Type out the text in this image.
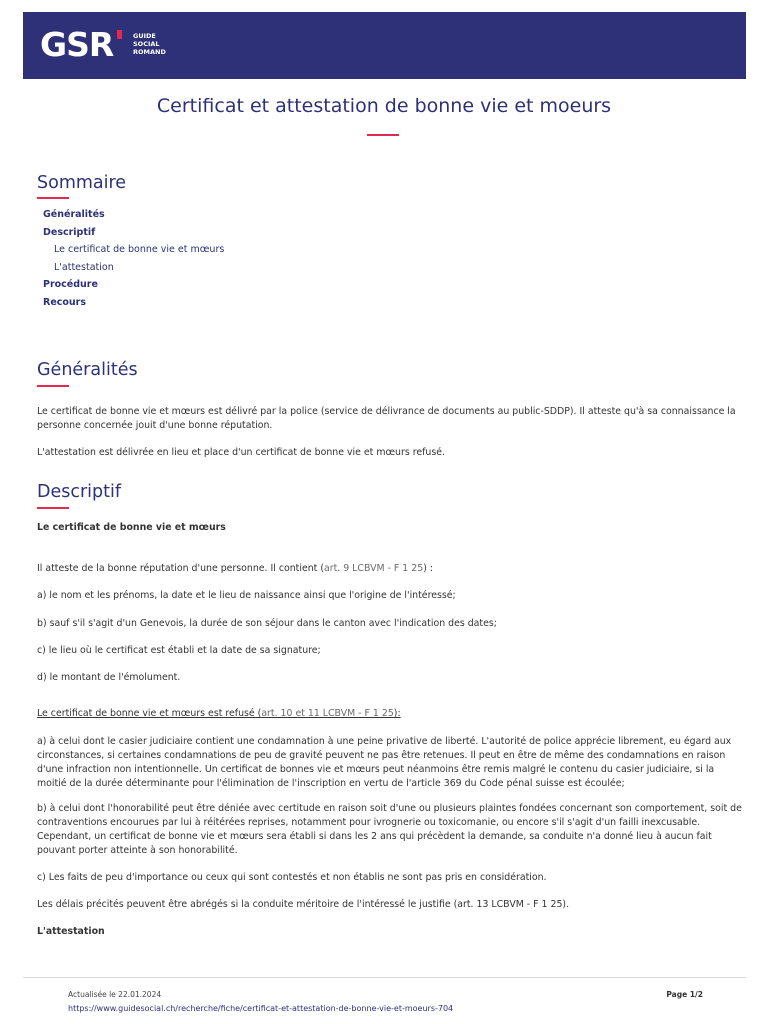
GSR	GUIDE
SOCIAL
ROMAND
Certificat et attestation de bonne vie et moeurs
Sommaire
Généralités
Descriptif
Le certificat de bonne vie et mœurs
L'attestation
Procédure
Recours
Généralités

Le certificat de bonne vie et mœurs est délivré par la police (service de délivrance de documents au public-SDDP). Il atteste qu'à sa connaissance la personne concernée jouit d'une bonne réputation.

L'attestation est délivrée en lieu et place d'un certificat de bonne vie et mœurs refusé.

Descriptif

Le certificat de bonne vie et mœurs

Il atteste de la bonne réputation d'une personne. Il contient (art. 9 LCBVM - F 1 25) :

a) le nom et les prénoms, la date et le lieu de naissance ainsi que l'origine de l'intéressé;

b) sauf s'il s'agit d'un Genevois, la durée de son séjour dans le canton avec l'indication des dates;

c) le lieu où le certificat est établi et la date de sa signature;

d) le montant de l'émolument.

Le certificat de bonne vie et mœurs est refusé (art. 10 et 11 LCBVM - F 1 25):

a) à celui dont le casier judiciaire contient une condamnation à une peine privative de liberté. L'autorité de police apprécie librement, eu égard aux circonstances, si certaines condamnations de peu de gravité peuvent ne pas être retenues. Il peut en être de même des condamnations en raison d'une infraction non intentionnelle. Un certificat de bonnes vie et mœurs peut néanmoins être remis malgré le contenu du casier judiciaire, si la moitié de la durée déterminante pour l'élimination de l'inscription en vertu de l'article 369 du Code pénal suisse est écoulée;

b) à celui dont l'honorabilité peut être déniée avec certitude en raison soit d'une ou plusieurs plaintes fondées concernant son comportement, soit de contraventions encourues par lui à réitérées reprises, notamment pour ivrognerie ou toxicomanie, ou encore s'il s'agit d'un failli inexcusable. Cependant, un certificat de bonne vie et mœurs sera établi si dans les 2 ans qui précèdent la demande, sa conduite n'a donné lieu à aucun fait pouvant porter atteinte à son honorabilité.

c) Les faits de peu d'importance ou ceux qui sont contestés et non établis ne sont pas pris en considération.

Les délais précités peuvent être abrégés si la conduite méritoire de l'intéressé le justifie (art. 13 LCBVM - F 1 25).

L'attestation

Actualisée le 22.01.2024
https://www.guidesocial.ch/recherche/fiche/certificat-et-attestation-de-bonne-vie-et-moeurs-704
Page 1/2
